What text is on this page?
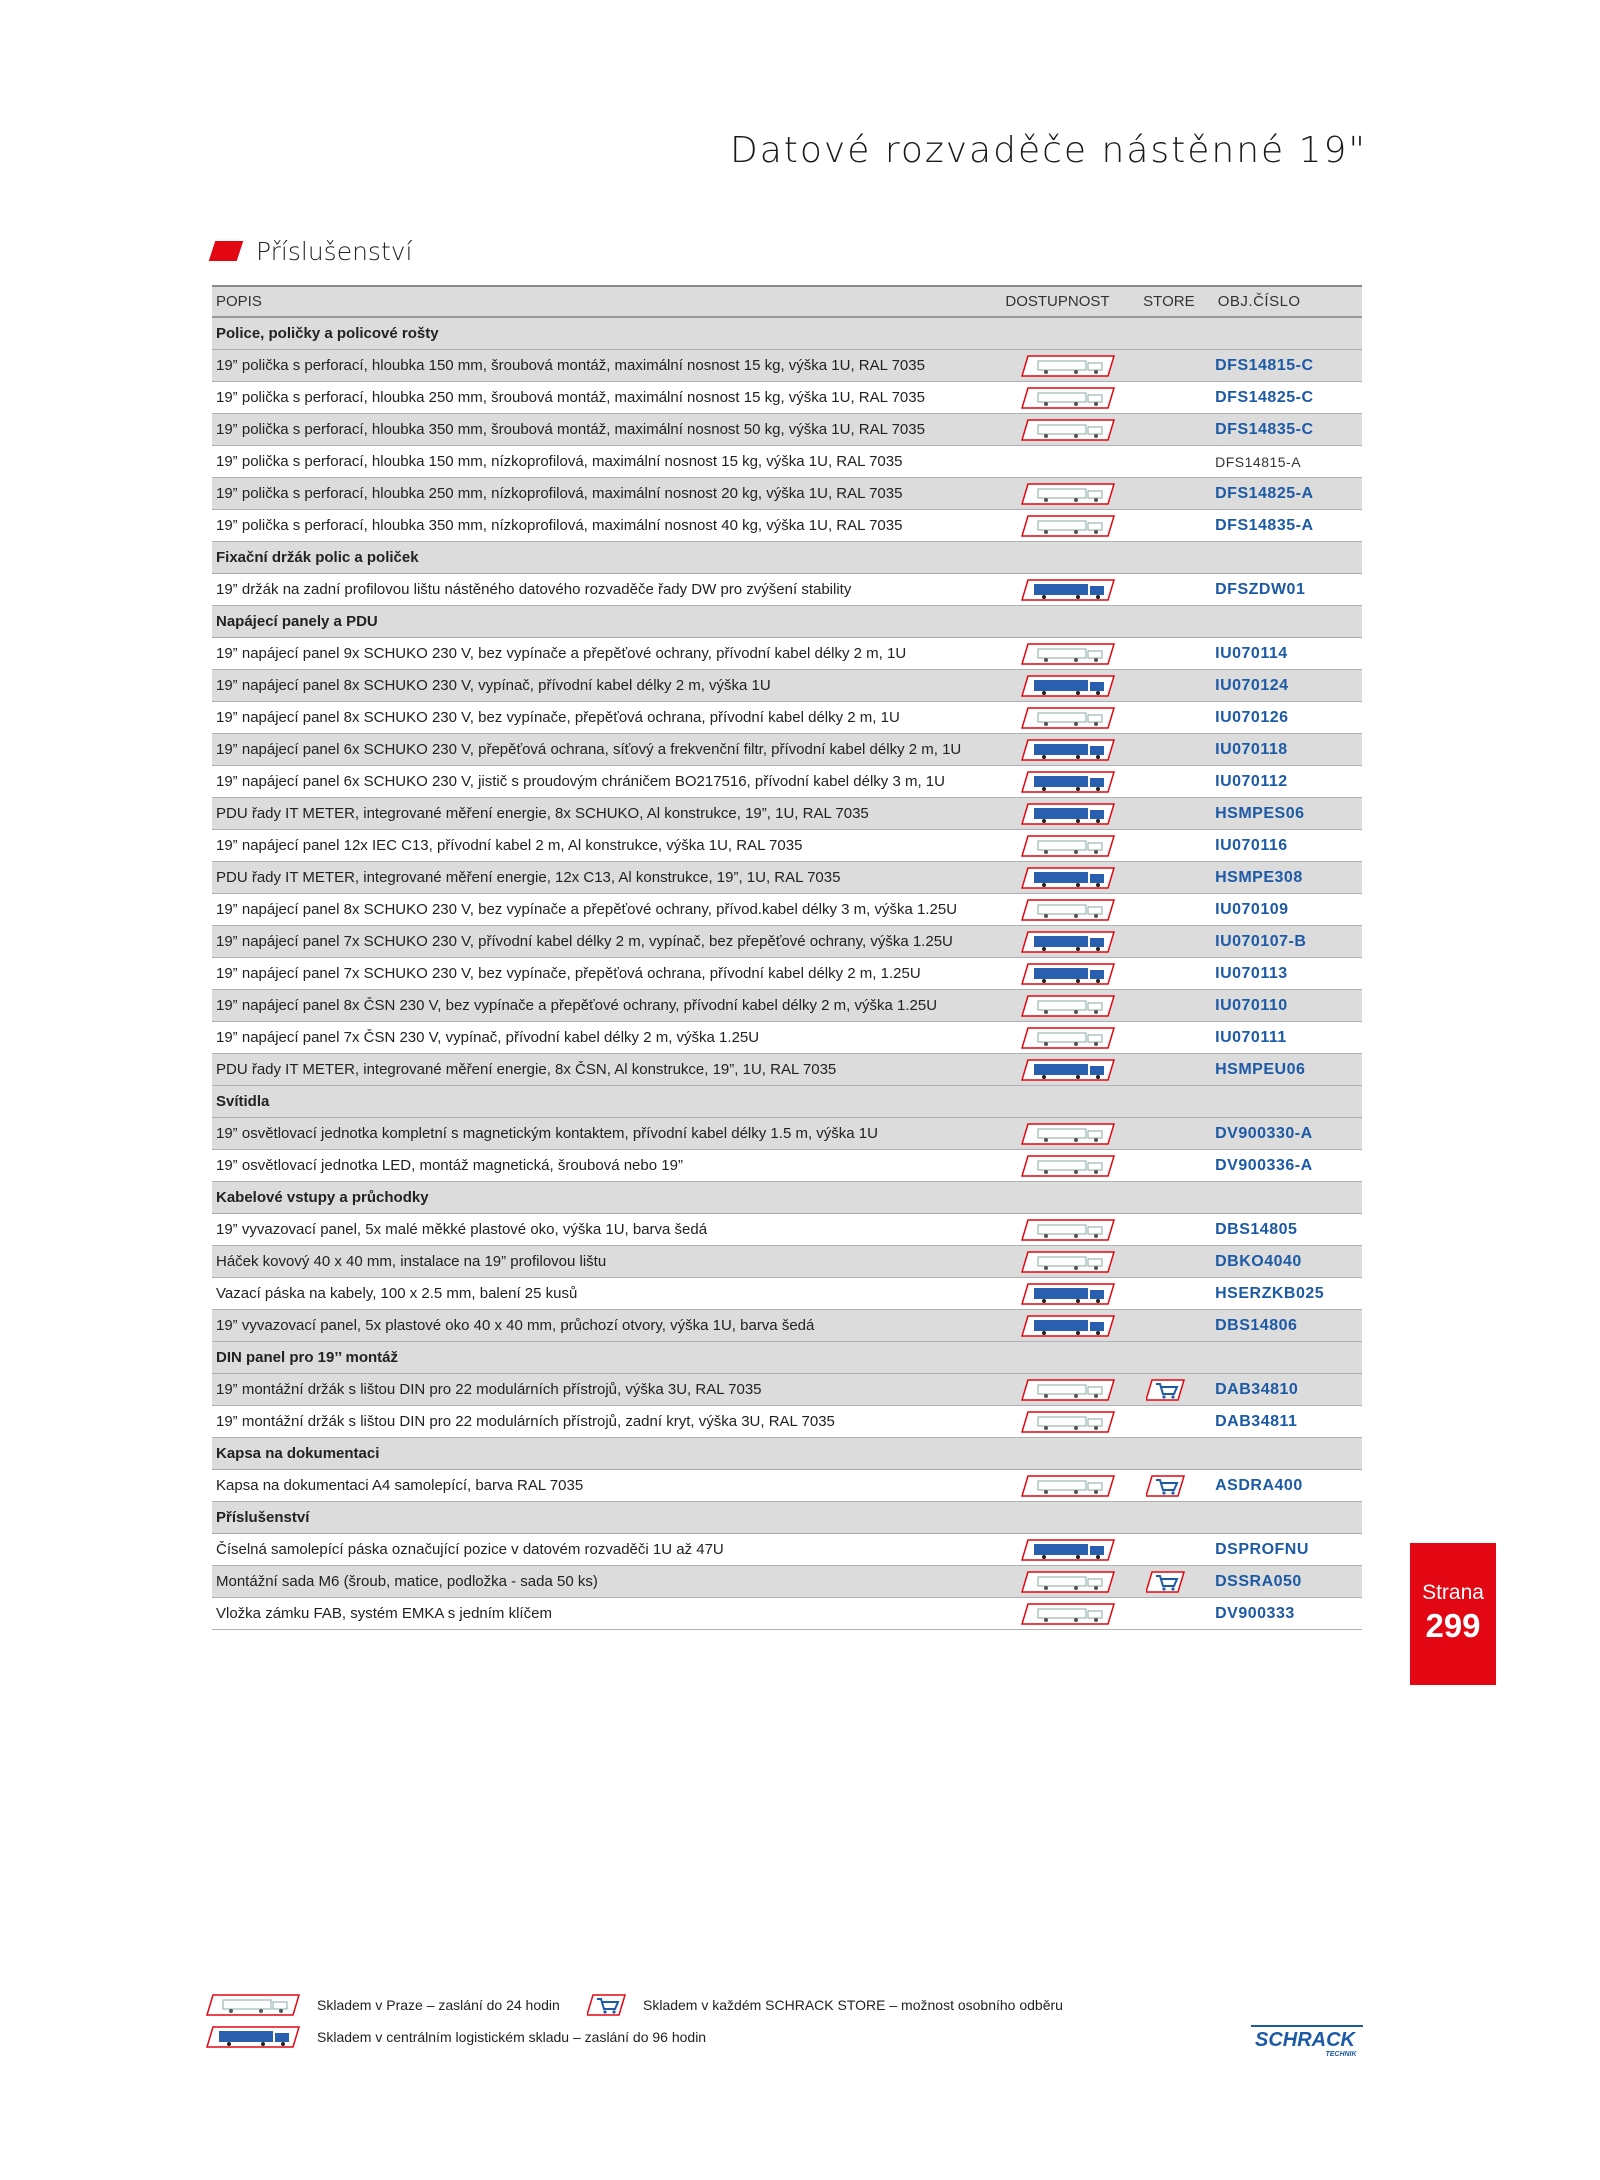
Datové rozvaděče nástěnné 19"
Příslušenství
POPIS	DOSTUPNOST	STORE	OBJ.ČÍSLO
Police, poličky a policové rošty
19” polička s perforací, hloubka 150 mm, šroubová montáž, maximální nosnost 15 kg, výška 1U, RAL 7035	DFS14815-C
19” polička s perforací, hloubka 250 mm, šroubová montáž, maximální nosnost 15 kg, výška 1U, RAL 7035	DFS14825-C
19” polička s perforací, hloubka 350 mm, šroubová montáž, maximální nosnost 50 kg, výška 1U, RAL 7035	DFS14835-C
19” polička s perforací, hloubka 150 mm, nízkoprofilová, maximální nosnost 15 kg, výška 1U, RAL 7035	DFS14815-A
19” polička s perforací, hloubka 250 mm, nízkoprofilová, maximální nosnost 20 kg, výška 1U, RAL 7035	DFS14825-A
19” polička s perforací, hloubka 350 mm, nízkoprofilová, maximální nosnost 40 kg, výška 1U, RAL 7035	DFS14835-A
Fixační držák polic a poliček
19” držák na zadní profilovou lištu nástěného datového rozvaděče řady DW pro zvýšení stability	DFSZDW01
Napájecí panely a PDU
19” napájecí panel 9x SCHUKO 230 V, bez vypínače a přepěťové ochrany, přívodní kabel délky 2 m, 1U	IU070114
19” napájecí panel 8x SCHUKO 230 V, vypínač, přívodní kabel délky 2 m, výška 1U	IU070124
19” napájecí panel 8x SCHUKO 230 V, bez vypínače, přepěťová ochrana, přívodní kabel délky 2 m, 1U	IU070126
19” napájecí panel 6x SCHUKO 230 V, přepěťová ochrana, síťový a frekvenční filtr, přívodní kabel délky 2 m, 1U	IU070118
19” napájecí panel 6x SCHUKO 230 V, jistič s proudovým chráničem BO217516, přívodní kabel délky 3 m, 1U	IU070112
PDU řady IT METER, integrované měření energie, 8x SCHUKO, Al konstrukce, 19”, 1U, RAL 7035	HSMPES06
19” napájecí panel 12x IEC C13, přívodní kabel 2 m, Al konstrukce, výška 1U, RAL 7035	IU070116
PDU řady IT METER, integrované měření energie, 12x C13, Al konstrukce, 19”, 1U, RAL 7035	HSMPE308
19” napájecí panel 8x SCHUKO 230 V, bez vypínače a přepěťové ochrany, přívod.kabel délky 3 m, výška 1.25U	IU070109
19” napájecí panel 7x SCHUKO 230 V, přívodní kabel délky 2 m, vypínač, bez přepěťové ochrany, výška 1.25U	IU070107-B
19” napájecí panel 7x SCHUKO 230 V, bez vypínače, přepěťová ochrana, přívodní kabel délky 2 m, 1.25U	IU070113
19” napájecí panel 8x ČSN 230 V, bez vypínače a přepěťové ochrany, přívodní kabel délky 2 m, výška 1.25U	IU070110
19” napájecí panel 7x ČSN 230 V, vypínač, přívodní kabel délky 2 m, výška 1.25U	IU070111
PDU řady IT METER, integrované měření energie, 8x ČSN, Al konstrukce, 19”, 1U, RAL 7035	HSMPEU06
Svítidla
19” osvětlovací jednotka kompletní s magnetickým kontaktem, přívodní kabel délky 1.5 m, výška 1U	DV900330-A
19” osvětlovací jednotka LED, montáž magnetická, šroubová nebo 19”	DV900336-A
Kabelové vstupy a průchodky
19” vyvazovací panel, 5x malé měkké plastové oko, výška 1U, barva šedá	DBS14805
Háček kovový 40 x 40 mm, instalace na 19” profilovou lištu	DBKO4040
Vazací páska na kabely, 100 x 2.5 mm, balení 25 kusů	HSERZKB025
19” vyvazovací panel, 5x plastové oko 40 x 40 mm, průchozí otvory, výška 1U, barva šedá	DBS14806
DIN panel pro 19’’ montáž
19” montážní držák s lištou DIN pro 22 modulárních přístrojů, výška 3U, RAL 7035	DAB34810
19” montážní držák s lištou DIN pro 22 modulárních přístrojů, zadní kryt, výška 3U, RAL 7035	DAB34811
Kapsa na dokumentaci
Kapsa na dokumentaci A4 samolepící, barva RAL 7035	ASDRA400
Příslušenství
Číselná samolepící páska označující pozice v datovém rozvaděči 1U až 47U	DSPROFNU
Montážní sada M6 (šroub, matice, podložka - sada 50 ks)	DSSRA050
Vložka zámku FAB, systém EMKA s jedním klíčem	DV900333
Strana
299
Skladem v Praze – zaslání do 24 hodin	Skladem v každém SCHRACK STORE – možnost osobního odběru
Skladem v centrálním logistickém skladu – zaslání do 96 hodin	SCHRACK
TECHNIK
